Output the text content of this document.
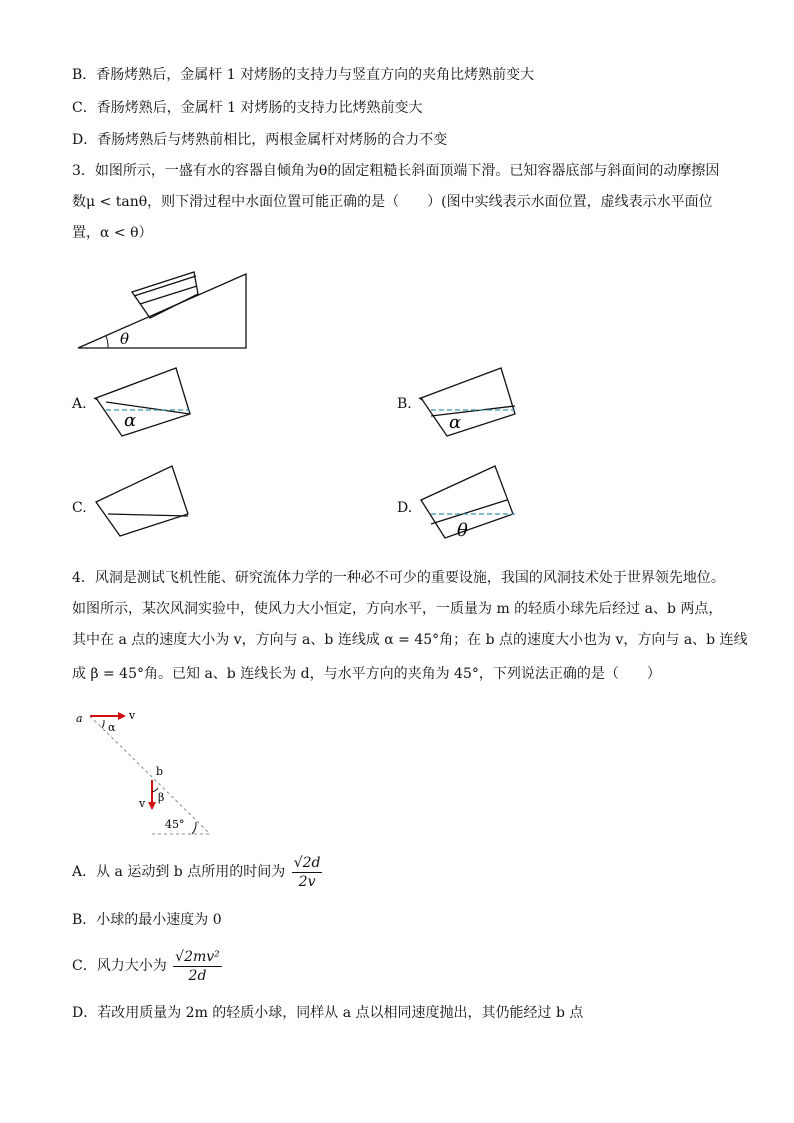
B．香肠烤熟后，金属杆 1 对烤肠的支持力与竖直方向的夹角比烤熟前变大
C．香肠烤熟后，金属杆 1 对烤肠的支持力比烤熟前变大
D．香肠烤熟后与烤熟前相比，两根金属杆对烤肠的合力不变
3．如图所示，一盛有水的容器自倾角为θ的固定粗糙长斜面顶端下滑。已知容器底部与斜面间的动摩擦因
数μ < tanθ，则下滑过程中水面位置可能正确的是（　　）(图中实线表示水面位置，虚线表示水平面位
置，α < θ）
θ
A.
α
B.
α
C.	D.
θ
4．风洞是测试飞机性能、研究流体力学的一种必不可少的重要设施，我国的风洞技术处于世界领先地位。
如图所示，某次风洞实验中，使风力大小恒定，方向水平，一质量为 m 的轻质小球先后经过 a、b 两点，
其中在 a 点的速度大小为 v，方向与 a、b 连线成 α = 45°角；在 b 点的速度大小也为 v，方向与 a、b 连线
成 β = 45°角。已知 a、b 连线长为 d，与水平方向的夹角为 45°，下列说法正确的是（　　）
a	v
α
b
v β
45°
A．从 a 运动到 b 点所用的时间为 $\frac{√2d}{2v}$
B．小球的最小速度为 0
C．风力大小为 $\frac{\text{√2mv²}}{2d}$
D．若改用质量为 2m 的轻质小球，同样从 a 点以相同速度抛出，其仍能经过 b 点
